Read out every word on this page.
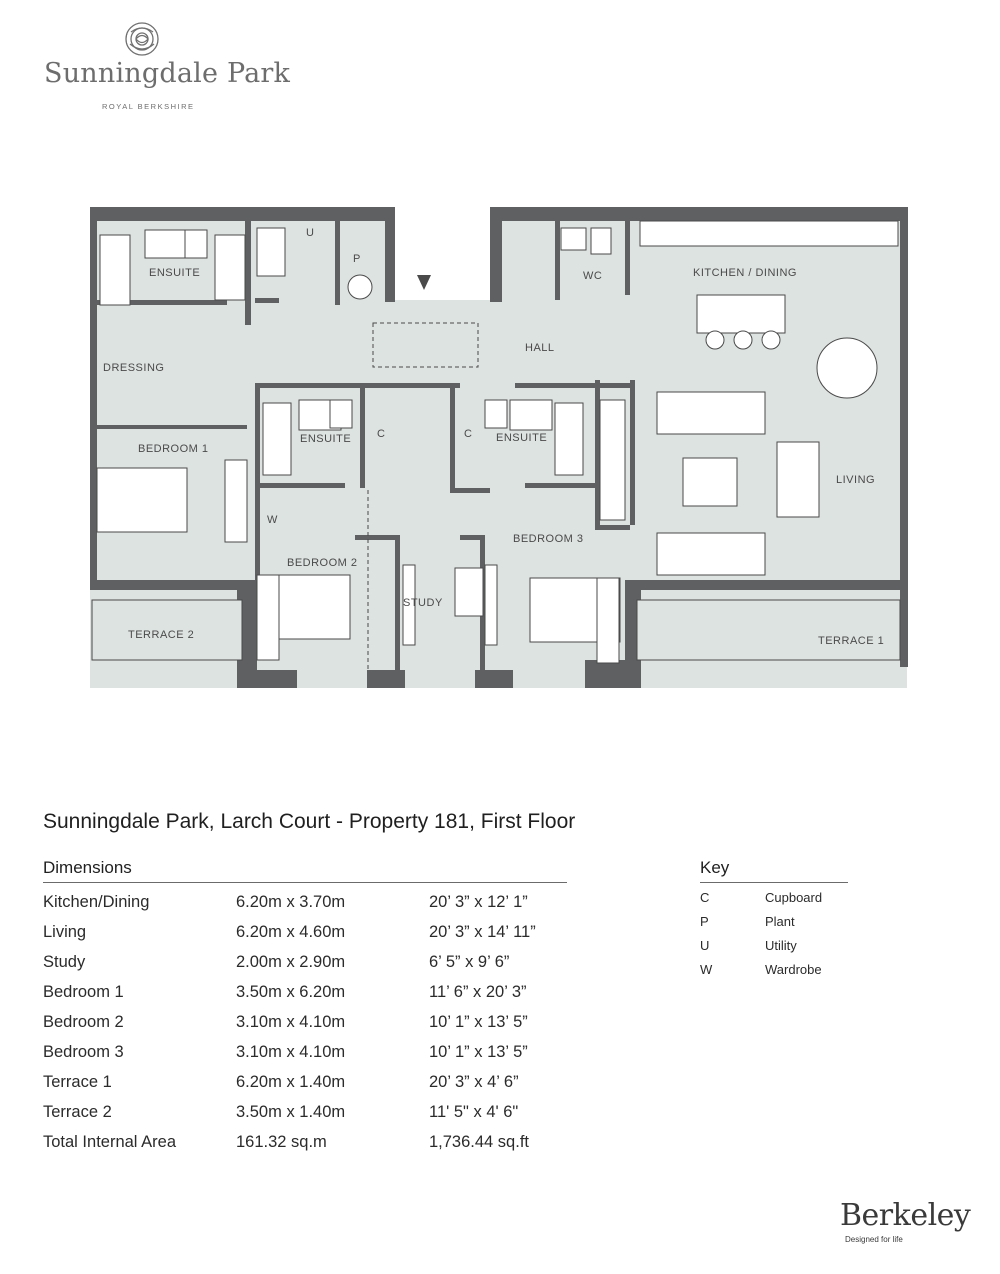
Sunningdale Park
ROYAL BERKSHIRE
ENSUITE
U
P
WC	KITCHEN / DINING
DRESSING
HALL
BEDROOM 1
ENSUITE C	C ENSUITE
LIVING
W
BEDROOM 2
BEDROOM 3
STUDY
TERRACE 2	TERRACE 1
Sunningdale Park, Larch Court - Property 181, First Floor
Dimensions
Kitchen/Dining	6.20m x 3.70m	20’ 3” x 12’ 1”
Living	6.20m x 4.60m	20’ 3” x 14’ 11”
Study	2.00m x 2.90m	6’ 5” x 9’ 6”
Bedroom 1	3.50m x 6.20m	11’ 6” x 20’ 3”
Bedroom 2	3.10m x 4.10m	10’ 1” x 13’ 5”
Bedroom 3	3.10m x 4.10m	10’ 1” x 13’ 5”
Terrace 1	6.20m x 1.40m	20’ 3” x 4’ 6”
Terrace 2	3.50m x 1.40m	11' 5" x 4' 6"
Total Internal Area	161.32 sq.m	1,736.44 sq.ft
Key
C	Cupboard
P	Plant
U	Utility
W	Wardrobe
Berkeley
Designed for life
